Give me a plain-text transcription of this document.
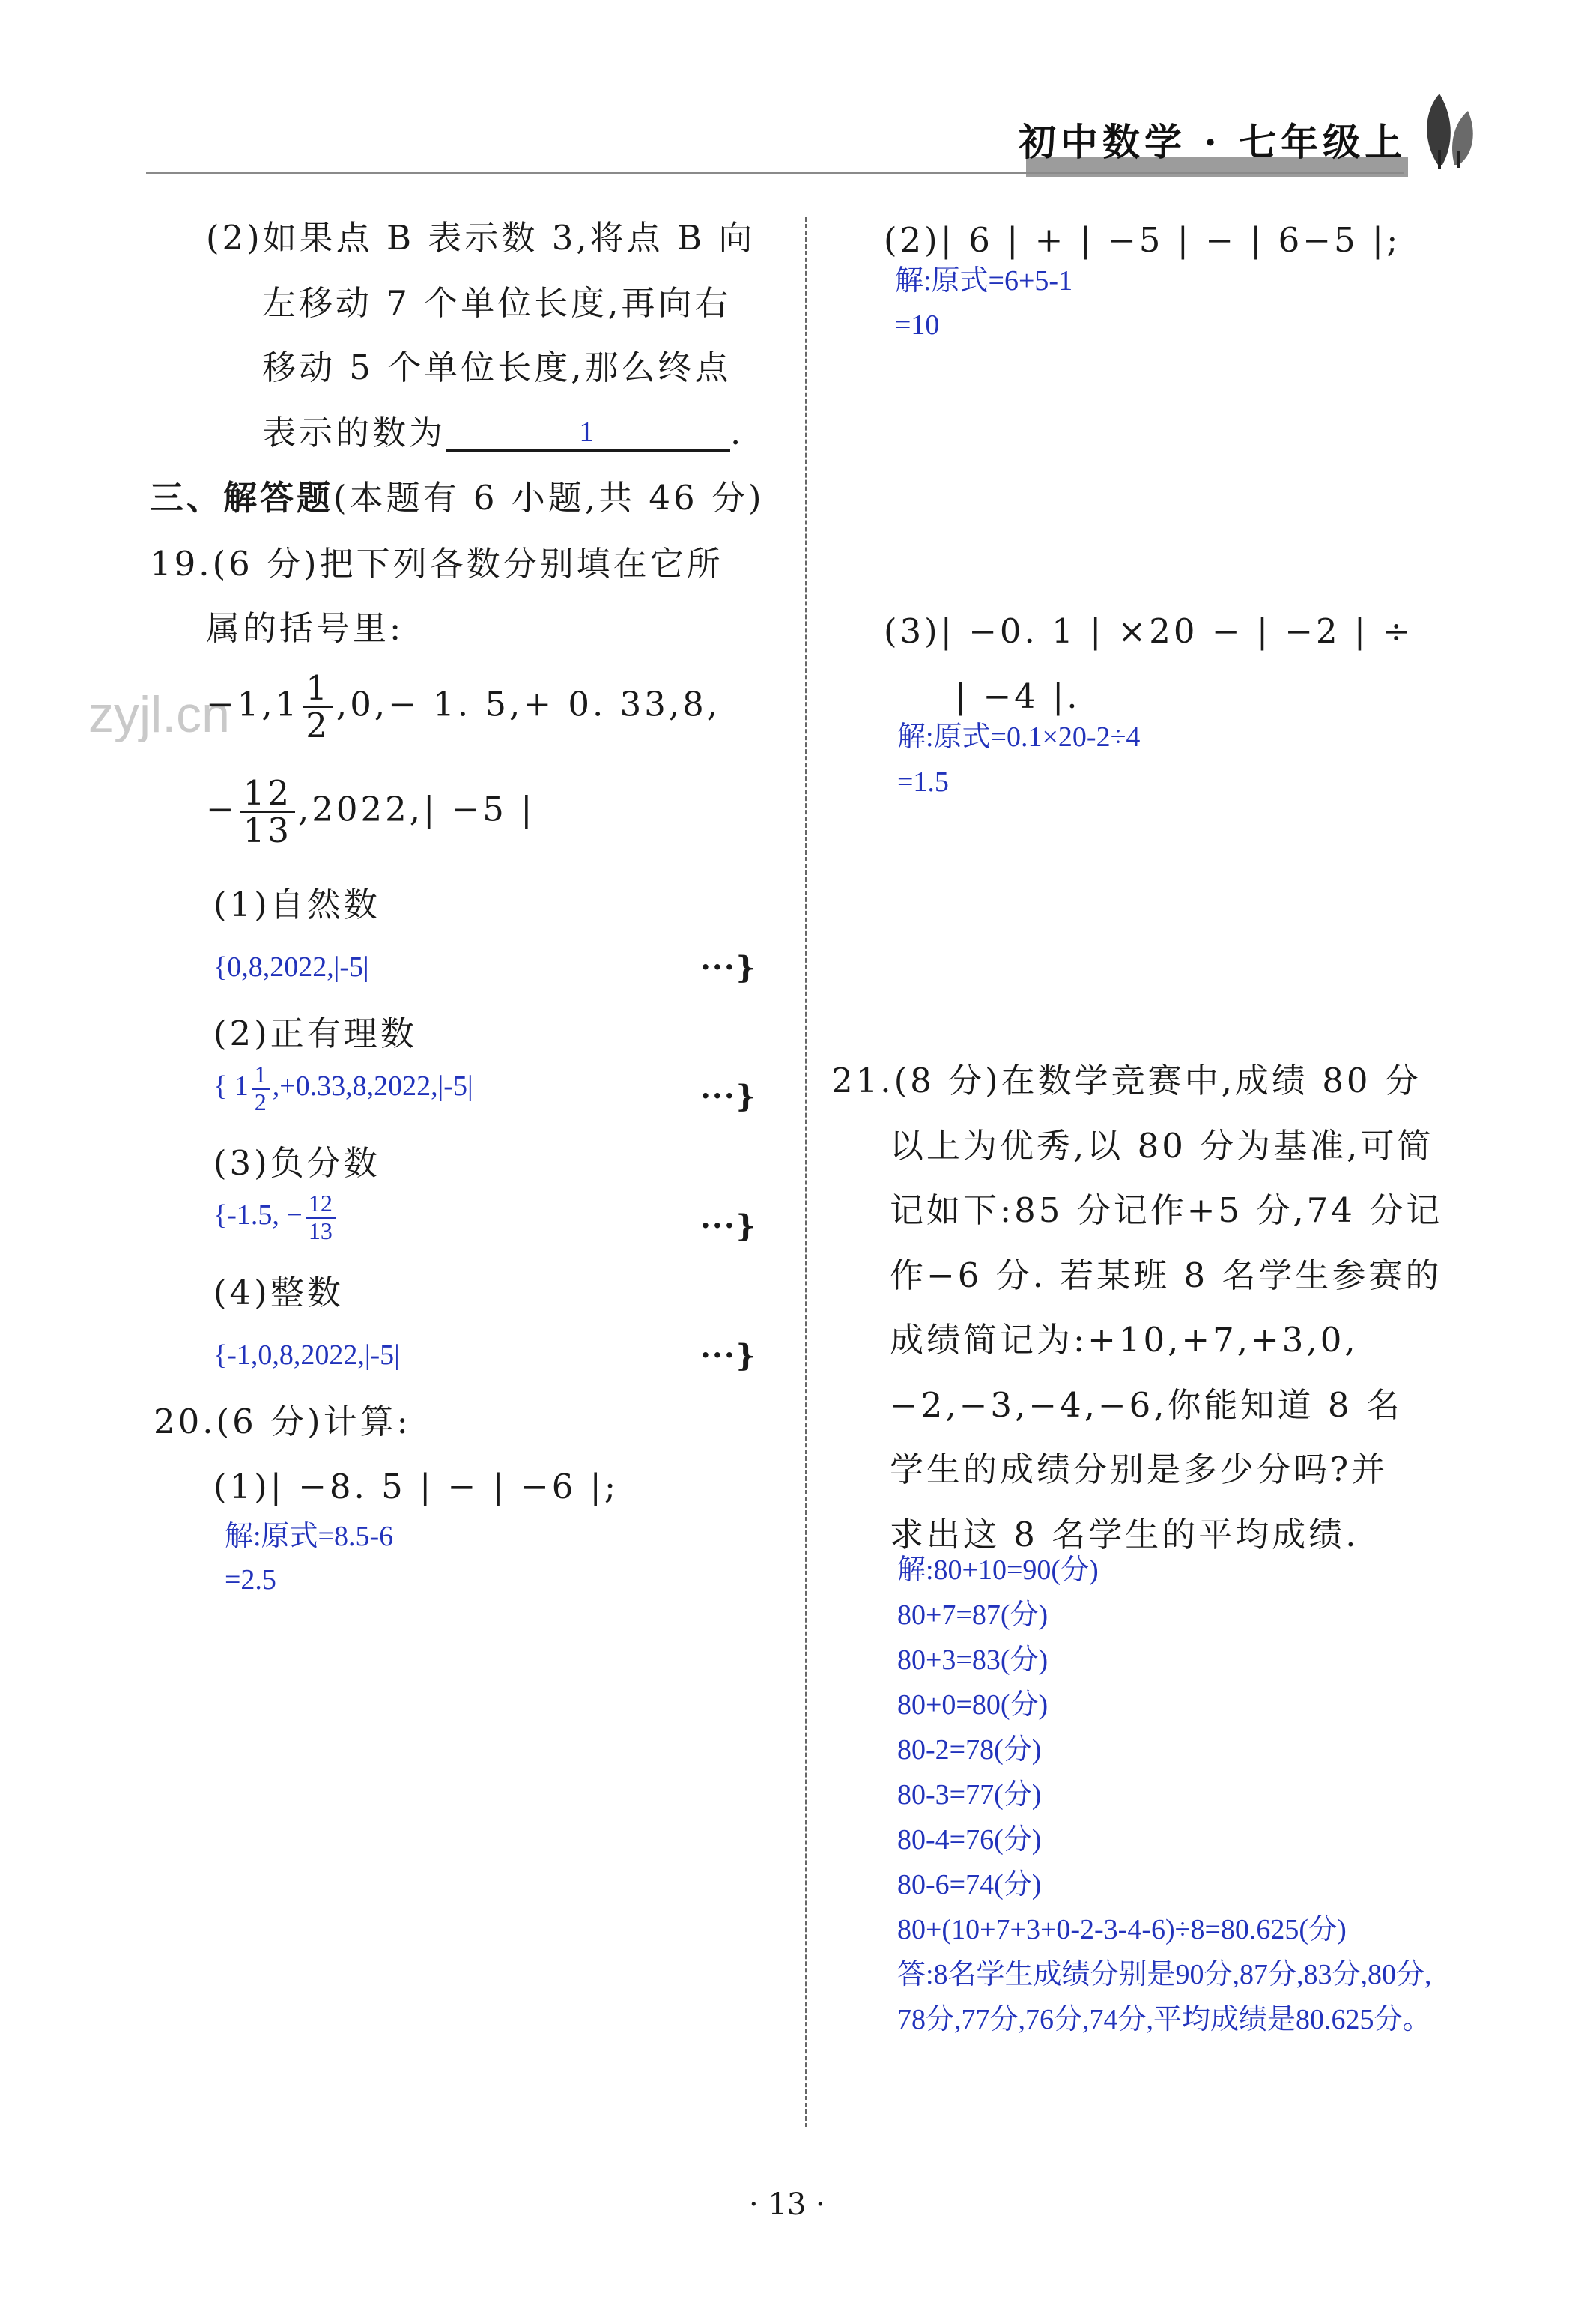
初中数学 · 七年级上
zyjl.cn
(2)如果点 B 表示数 3,将点 B 向
左移动 7 个单位长度,再向右
移动 5 个单位长度,那么终点
表示的数为	1	.
三、解答题(本题有 6 小题,共 46 分)
19.(6 分)把下列各数分别填在它所
属的括号里:
$-1,1 \frac{1}{2} ,0,- 1$. 5,+ 0. 33,8,
− $\frac{12}{13} ,2022,| -5$ |
(1)自然数
{0,8,2022,|-5|	···}
(2)正有理数
{ $1 \frac{1}{2} ,+0.33,8,2022,|-5|$	···}
(3)负分数
{-1.5, − $\frac{12}{13}$	···}
(4)整数
{-1,0,8,2022,|-5|	···}
20.(6 分)计算:
(1)| −8. 5 | − | −6 |;
解:原式=8.5-6
=2.5
(2)| 6 | + | −5 | − | 6−5 |;
解:原式=6+5-1
=10
(3)| −0. 1 | ×20 − | −2 | ÷
| −4 |.
解:原式=0.1×20-2÷4
=1.5
21.(8 分)在数学竞赛中,成绩 80 分
以上为优秀,以 80 分为基准,可简
记如下:85 分记作+5 分,74 分记
作−6 分. 若某班 8 名学生参赛的
成绩简记为:+10,+7,+3,0,
−2,−3,−4,−6,你能知道 8 名
学生的成绩分别是多少分吗?并
求出这 8 名学生的平均成绩.
解:80+10=90(分)
80+7=87(分)
80+3=83(分)
80+0=80(分)
80-2=78(分)
80-3=77(分)
80-4=76(分)
80-6=74(分)
80+(10+7+3+0-2-3-4-6)÷8=80.625(分)
答:8名学生成绩分别是90分,87分,83分,80分,
78分,77分,76分,74分,平均成绩是80.625分。
· 13 ·
